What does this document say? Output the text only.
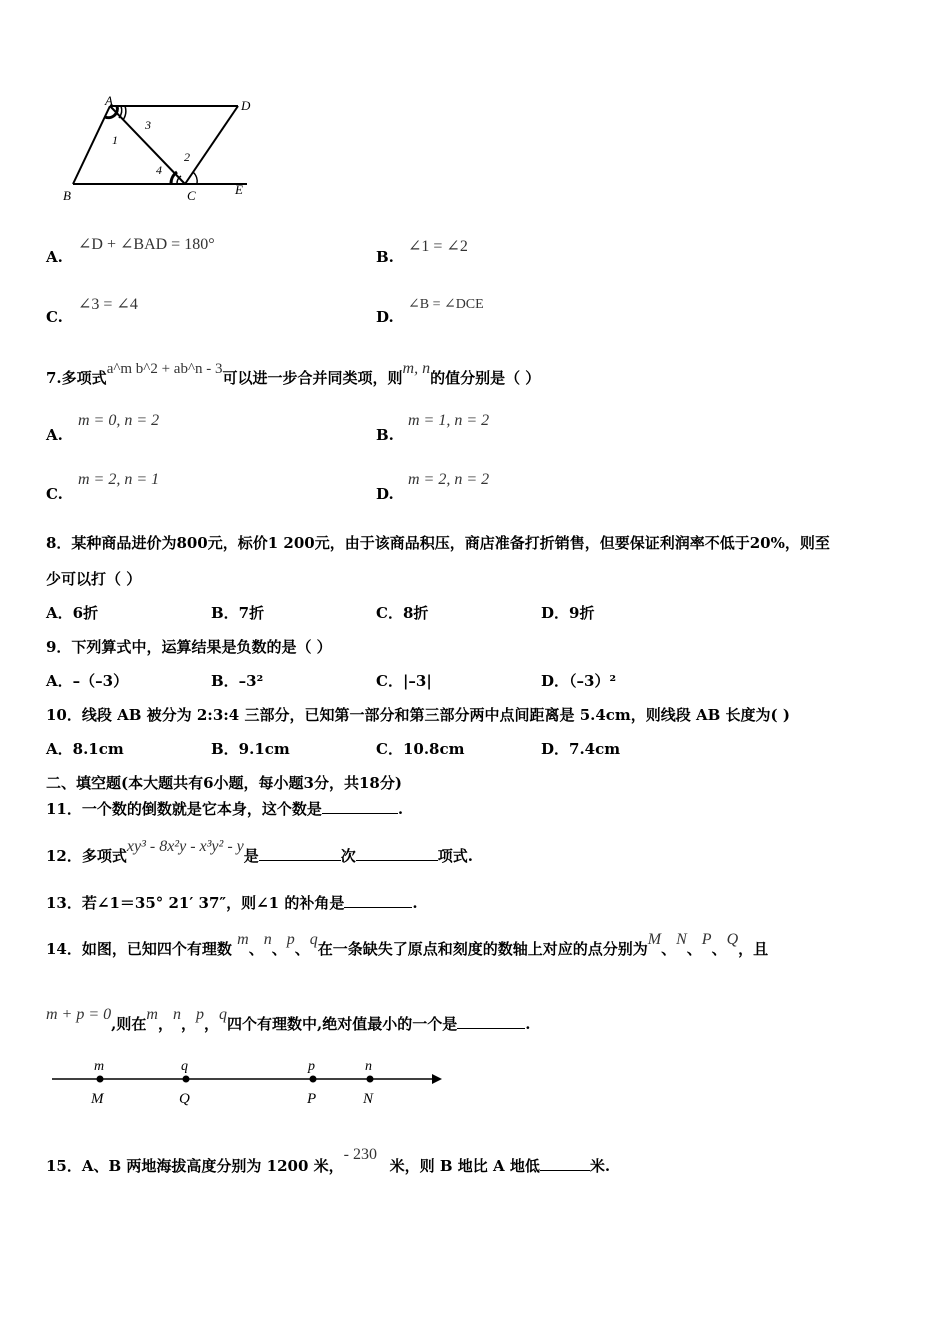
A	D
B	C	E
1
3
2
4
A.
∠D + ∠BAD = 180°
B.
∠1 = ∠2
C.
∠3 = ∠4
D.
∠B = ∠DCE
7.多项式a^m b^2 + ab^n - 3可以进一步合并同类项，则m, n的值分别是（ ）
A.
m = 0, n = 2
B.
m = 1, n = 2
C.
m = 2, n = 1
D.
m = 2, n = 2
8．某种商品进价为800元，标价1 200元，由于该商品积压，商店准备打折销售，但要保证利润率不低于20%，则至
少可以打（ ）
A．6折	B．7折	C．8折	D．9折
9．下列算式中，运算结果是负数的是（ ）
A．–（–3）	B．–3²	C．|–3|	D．（–3）²
10．线段 AB 被分为 2:3:4 三部分，已知第一部分和第三部分两中点间距离是 5.4cm，则线段 AB 长度为( )
A．8.1cm	B．9.1cm	C．10.8cm	D．7.4cm
二、填空题(本大题共有6小题，每小题3分，共18分)
11．一个数的倒数就是它本身，这个数是	.
12．多项式xy³ - 8x²y - x³y² - y是	次	项式.
13．若∠1＝35° 21′ 37″，则∠1 的补角是	.
14．如图，已知四个有理数 m、n、p、q在一条缺失了原点和刻度的数轴上对应的点分别为M、N、P、Q，且
m + p = 0,则在m，n，p，q四个有理数中,绝对值最小的一个是	.
m
M
q
Q
p
P
n
N
15．A、B 两地海拔高度分别为 1200 米，- 230米，则 B 地比 A 地低	米.
